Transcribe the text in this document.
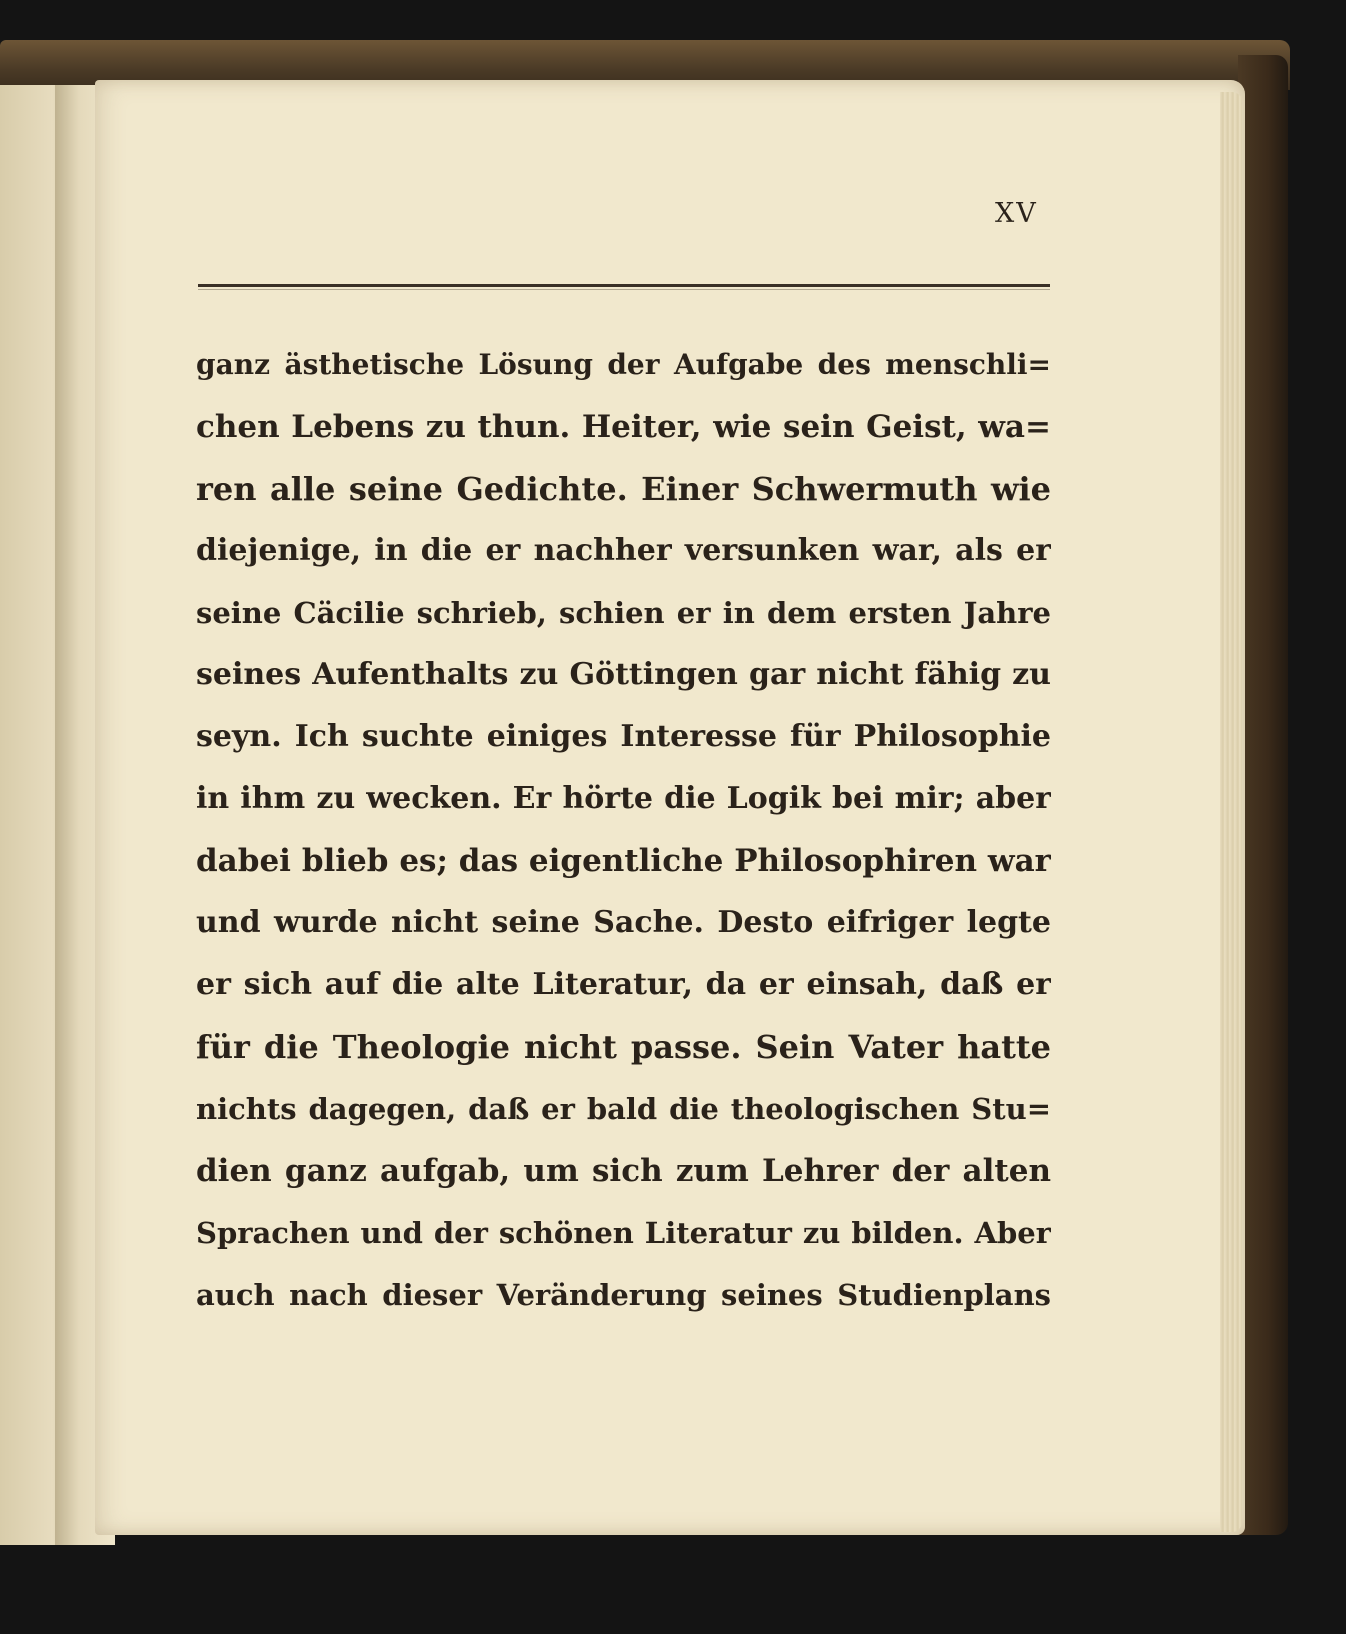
XV
ganz ästhetische Lösung der Aufgabe des menschli=
chen Lebens zu thun. Heiter, wie sein Geist, wa=
ren alle seine Gedichte. Einer Schwermuth wie
diejenige, in die er nachher versunken war, als er
seine Cäcilie schrieb, schien er in dem ersten Jahre
seines Aufenthalts zu Göttingen gar nicht fähig zu
seyn. Ich suchte einiges Interesse für Philosophie
in ihm zu wecken. Er hörte die Logik bei mir; aber
dabei blieb es; das eigentliche Philosophiren war
und wurde nicht seine Sache. Desto eifriger legte
er sich auf die alte Literatur, da er einsah, daß er
für die Theologie nicht passe. Sein Vater hatte
nichts dagegen, daß er bald die theologischen Stu=
dien ganz aufgab, um sich zum Lehrer der alten
Sprachen und der schönen Literatur zu bilden. Aber
auch nach dieser Veränderung seines Studienplans
